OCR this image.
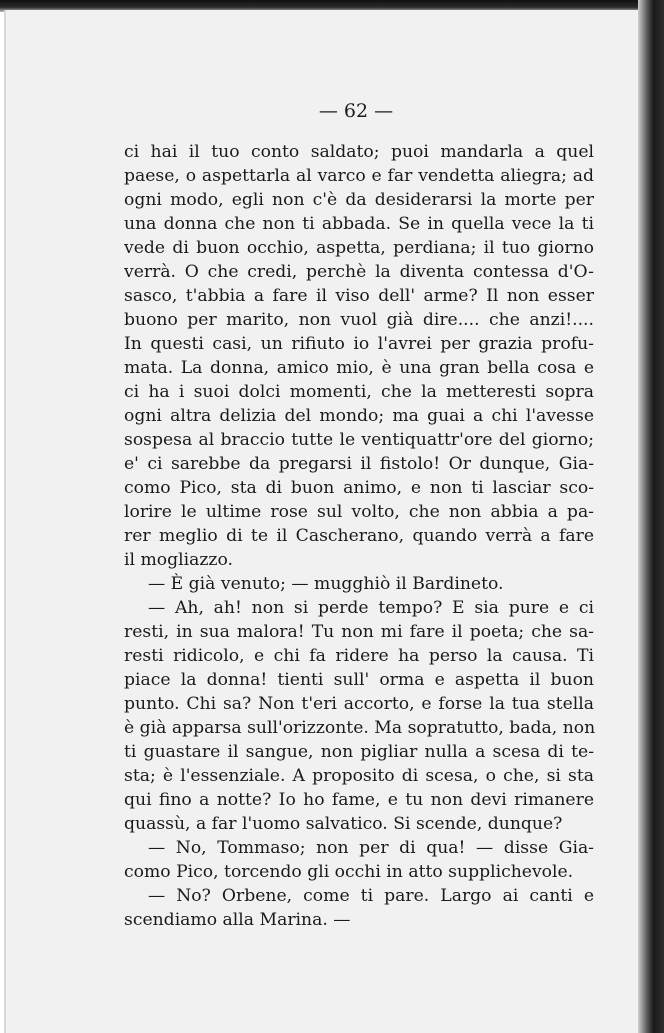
— 62 —
ci hai il tuo conto saldato; puoi mandarla a quel
paese, o aspettarla al varco e far vendetta aliegra; ad
ogni modo, egli non c'è da desiderarsi la morte per
una donna che non ti abbada. Se in quella vece la ti
vede di buon occhio, aspetta, perdiana; il tuo giorno
verrà. O che credi, perchè la diventa contessa d'O-
sasco, t'abbia a fare il viso dell' arme? Il non esser
buono per marito, non vuol già dire.... che anzi!....
In questi casi, un rifiuto io l'avrei per grazia profu-
mata. La donna, amico mio, è una gran bella cosa e
ci ha i suoi dolci momenti, che la metteresti sopra
ogni altra delizia del mondo; ma guai a chi l'avesse
sospesa al braccio tutte le ventiquattr'ore del giorno;
e' ci sarebbe da pregarsi il fistolo! Or dunque, Gia-
como Pico, sta di buon animo, e non ti lasciar sco-
lorire le ultime rose sul volto, che non abbia a pa-
rer meglio di te il Cascherano, quando verrà a fare
il mogliazzo.
— È già venuto; — mugghiò il Bardineto.
— Ah, ah! non si perde tempo? E sia pure e ci
resti, in sua malora! Tu non mi fare il poeta; che sa-
resti ridicolo, e chi fa ridere ha perso la causa. Ti
piace la donna! tienti sull' orma e aspetta il buon
punto. Chi sa? Non t'eri accorto, e forse la tua stella
è già apparsa sull'orizzonte. Ma sopratutto, bada, non
ti guastare il sangue, non pigliar nulla a scesa di te-
sta; è l'essenziale. A proposito di scesa, o che, si sta
qui fino a notte? Io ho fame, e tu non devi rimanere
quassù, a far l'uomo salvatico. Si scende, dunque?
— No, Tommaso; non per di qua! — disse Gia-
como Pico, torcendo gli occhi in atto supplichevole.
— No? Orbene, come ti pare. Largo ai canti e
scendiamo alla Marina. —
